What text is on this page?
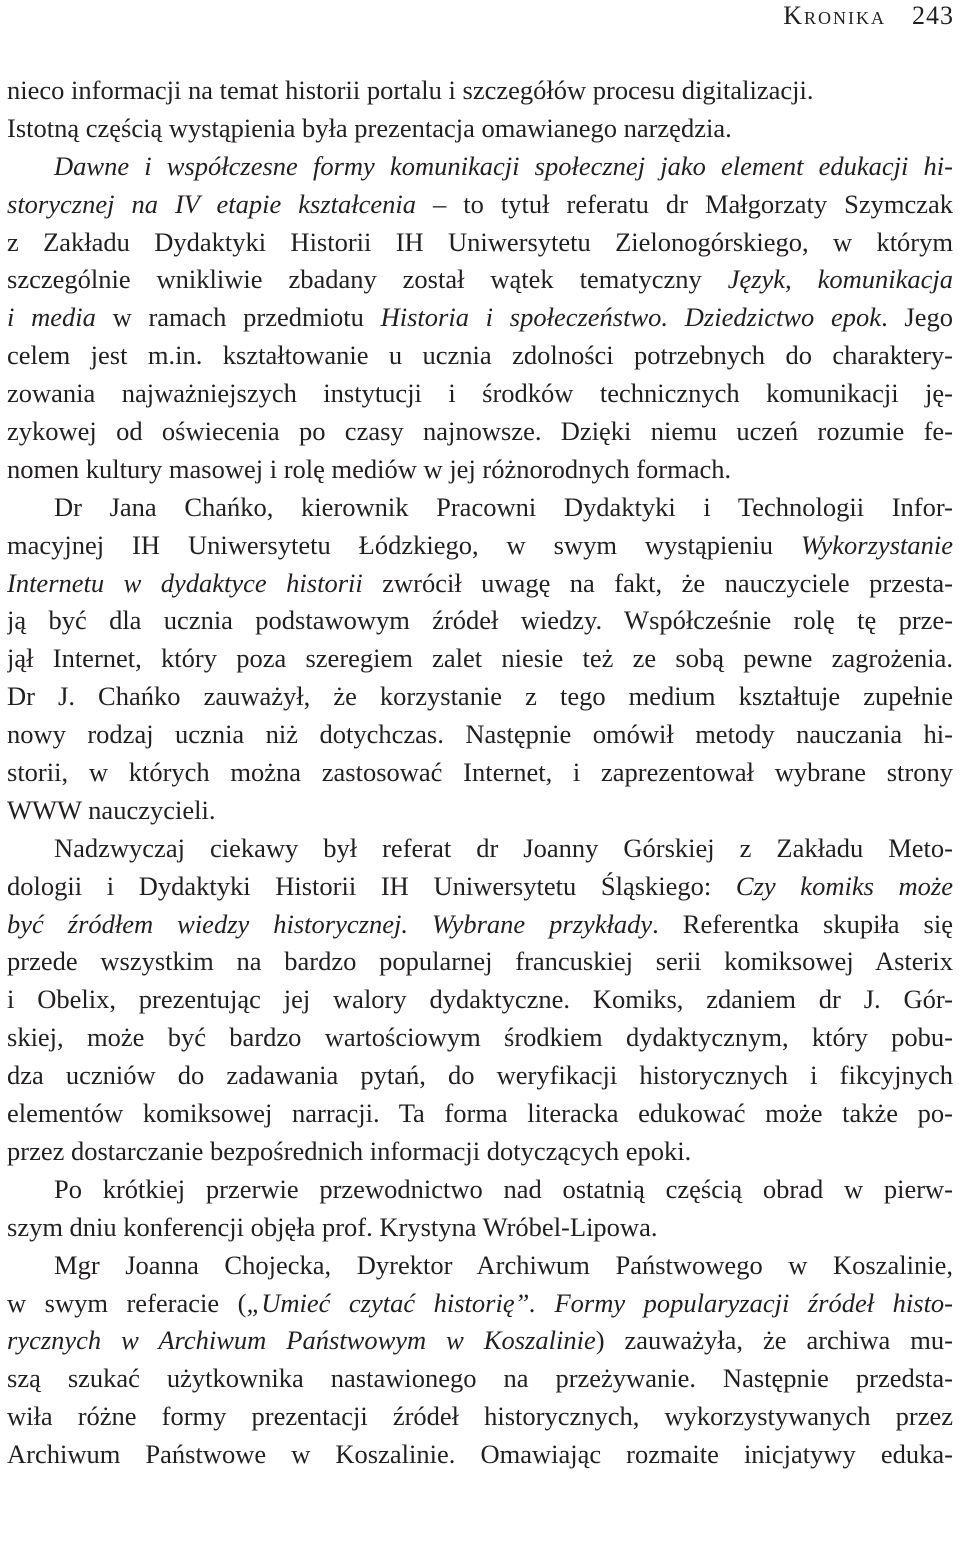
Kronika 243
nieco informacji na temat historii portalu i szczegółów procesu digitalizacji.
Istotną częścią wystąpienia była prezentacja omawianego narzędzia.
Dawne i współczesne formy komunikacji społecznej jako element edukacji hi-
storycznej na IV etapie kształcenia – to tytuł referatu dr Małgorzaty Szymczak
z Zakładu Dydaktyki Historii IH Uniwersytetu Zielonogórskiego, w którym
szczególnie wnikliwie zbadany został wątek tematyczny Język, komunikacja
i media w ramach przedmiotu Historia i społeczeństwo. Dziedzictwo epok. Jego
celem jest m.in. kształtowanie u ucznia zdolności potrzebnych do charaktery-
zowania najważniejszych instytucji i środków technicznych komunikacji ję-
zykowej od oświecenia po czasy najnowsze. Dzięki niemu uczeń rozumie fe-
nomen kultury masowej i rolę mediów w jej różnorodnych formach.
Dr Jana Chańko, kierownik Pracowni Dydaktyki i Technologii Infor-
macyjnej IH Uniwersytetu Łódzkiego, w swym wystąpieniu Wykorzystanie
Internetu w dydaktyce historii zwrócił uwagę na fakt, że nauczyciele przesta-
ją być dla ucznia podstawowym źródeł wiedzy. Współcześnie rolę tę prze-
jął Internet, który poza szeregiem zalet niesie też ze sobą pewne zagrożenia.
Dr J. Chańko zauważył, że korzystanie z tego medium kształtuje zupełnie
nowy rodzaj ucznia niż dotychczas. Następnie omówił metody nauczania hi-
storii, w których można zastosować Internet, i zaprezentował wybrane strony
WWW nauczycieli.
Nadzwyczaj ciekawy był referat dr Joanny Górskiej z Zakładu Meto-
dologii i Dydaktyki Historii IH Uniwersytetu Śląskiego: Czy komiks może
być źródłem wiedzy historycznej. Wybrane przykłady. Referentka skupiła się
przede wszystkim na bardzo popularnej francuskiej serii komiksowej Asterix
i Obelix, prezentując jej walory dydaktyczne. Komiks, zdaniem dr J. Gór-
skiej, może być bardzo wartościowym środkiem dydaktycznym, który pobu-
dza uczniów do zadawania pytań, do weryfikacji historycznych i fikcyjnych
elementów komiksowej narracji. Ta forma literacka edukować może także po-
przez dostarczanie bezpośrednich informacji dotyczących epoki.
Po krótkiej przerwie przewodnictwo nad ostatnią częścią obrad w pierw-
szym dniu konferencji objęła prof. Krystyna Wróbel-Lipowa.
Mgr Joanna Chojecka, Dyrektor Archiwum Państwowego w Koszalinie,
w swym referacie („Umieć czytać historię”. Formy popularyzacji źródeł histo-
rycznych w Archiwum Państwowym w Koszalinie) zauważyła, że archiwa mu-
szą szukać użytkownika nastawionego na przeżywanie. Następnie przedsta-
wiła różne formy prezentacji źródeł historycznych, wykorzystywanych przez
Archiwum Państwowe w Koszalinie. Omawiając rozmaite inicjatywy eduka-
